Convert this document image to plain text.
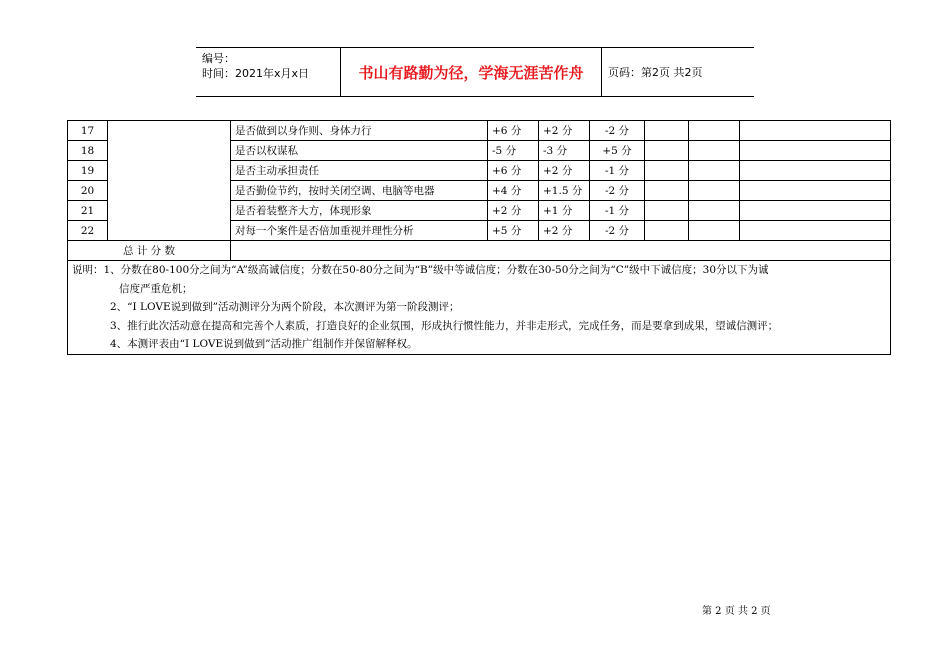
编号：
时间：2021年x月x日	书山有路勤为径，学海无涯苦作舟	页码：第2页 共2页
17		是否做到以身作则、身体力行	+6 分	+2 分	-2 分			
18		是否以权谋私	-5 分	-3 分	+5 分			
19		是否主动承担责任	+6 分	+2 分	-1 分			
20		是否勤俭节约，按时关闭空调、电脑等电器	+4 分	+1.5 分	-2 分			
21		是否着装整齐大方，体现形象	+2 分	+1 分	-1 分			
22		对每一个案件是否倍加重视并理性分析	+5 分	+2 分	-2 分			
总 计 分 数								

说明：1、分数在80-100分之间为“A”级高诚信度；分数在50-80分之间为“B”级中等诚信度；分数在30-50分之间为“C”级中下诚信度；30分以下为诚
信度严重危机；
2、“I LOVE说到做到”活动测评分为两个阶段，本次测评为第一阶段测评；
3、推行此次活动意在提高和完善个人素质，打造良好的企业氛围，形成执行惯性能力，并非走形式，完成任务，而是要拿到成果，望诚信测评；
4、本测评表由“I LOVE说到做到”活动推广组制作并保留解释权。								
第 2 页 共 2 页
